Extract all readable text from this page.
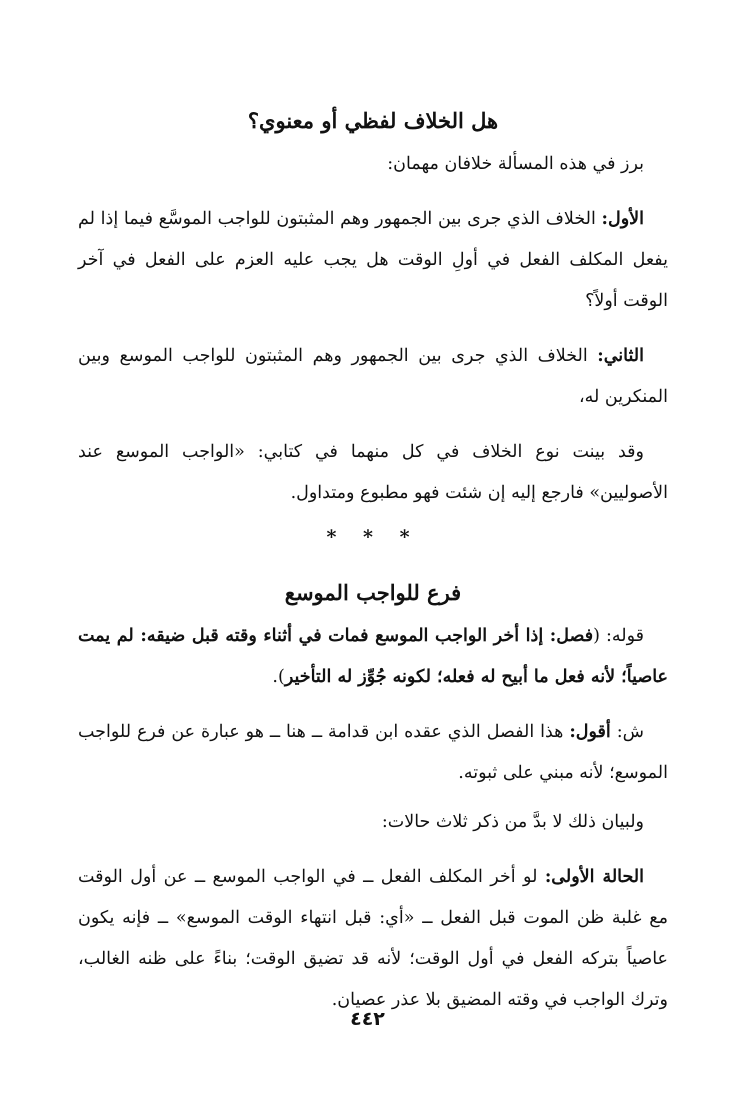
هل الخلاف لفظي أو معنوي؟

برز في هذه المسألة خلافان مهمان:

الأول: الخلاف الذي جرى بين الجمهور وهم المثبتون للواجب الموسَّع فيما إذا لم يفعل المكلف الفعل في أولِ الوقت هل يجب عليه العزم على الفعل في آخر الوقت أولاً؟

الثاني: الخلاف الذي جرى بين الجمهور وهم المثبتون للواجب الموسع وبين المنكرين له،

وقد بينت نوع الخلاف في كل منهما في كتابي: «الواجب الموسع عند الأصوليين» فارجع إليه إن شئت فهو مطبوع ومتداول.

* * *

فرع للواجب الموسع

قوله: (فصل: إذا أخر الواجب الموسع فمات في أثناء وقته قبل ضيقه: لم يمت عاصياً؛ لأنه فعل ما أبيح له فعله؛ لكونه جُوِّز له التأخير).

ش: أقول: هذا الفصل الذي عقده ابن قدامة ــ هنا ــ هو عبارة عن فرع للواجب الموسع؛ لأنه مبني على ثبوته.

ولبيان ذلك لا بدَّ من ذكر ثلاث حالات:

الحالة الأولى: لو أخر المكلف الفعل ــ في الواجب الموسع ــ عن أول الوقت مع غلبة ظن الموت قبل الفعل ــ «أي: قبل انتهاء الوقت الموسع» ــ فإنه يكون عاصياً بتركه الفعل في أول الوقت؛ لأنه قد تضيق الوقت؛ بناءً على ظنه الغالب، وترك الواجب في وقته المضيق بلا عذر عصيان.

٤٤٢
